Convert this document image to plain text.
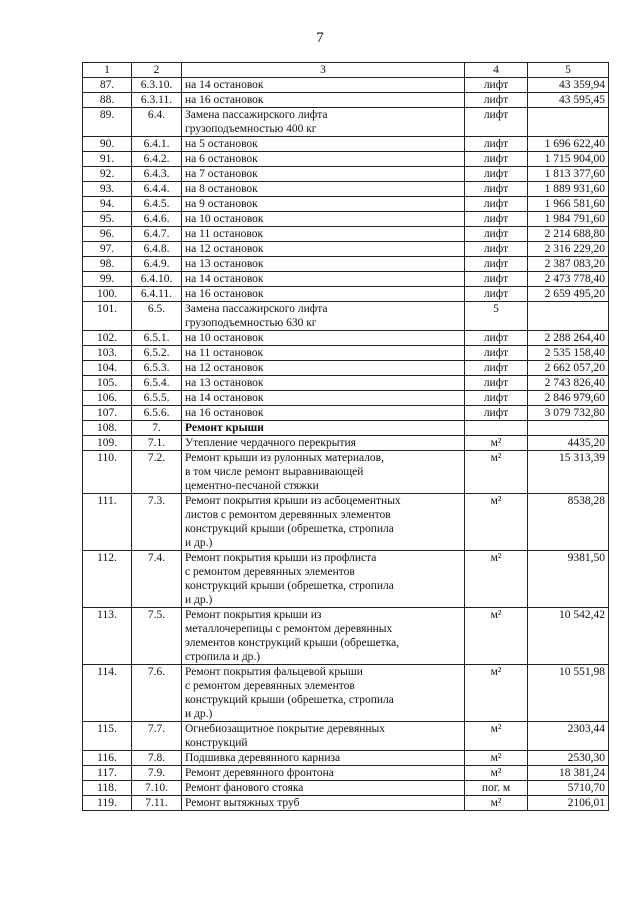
7
1	2	3	4	5
87.	6.3.10.	на 14 остановок	лифт	43 359,94
88.	6.3.11.	на 16 остановок	лифт	43 595,45
89.	6.4.	Замена пассажирского лифта
грузоподъемностью 400 кг	лифт	
90.	6.4.1.	на 5 остановок	лифт	1 696 622,40
91.	6.4.2.	на 6 остановок	лифт	1 715 904,00
92.	6.4.3.	на 7 остановок	лифт	1 813 377,60
93.	6.4.4.	на 8 остановок	лифт	1 889 931,60
94.	6.4.5.	на 9 остановок	лифт	1 966 581,60
95.	6.4.6.	на 10 остановок	лифт	1 984 791,60
96.	6.4.7.	на 11 остановок	лифт	2 214 688,80
97.	6.4.8.	на 12 остановок	лифт	2 316 229,20
98.	6.4.9.	на 13 остановок	лифт	2 387 083,20
99.	6.4.10.	на 14 остановок	лифт	2 473 778,40
100.	6.4.11.	на 16 остановок	лифт	2 659 495,20
101.	6.5.	Замена пассажирского лифта
грузоподъемностью 630 кг	5	
102.	6.5.1.	на 10 остановок	лифт	2 288 264,40
103.	6.5.2.	на 11 остановок	лифт	2 535 158,40
104.	6.5.3.	на 12 остановок	лифт	2 662 057,20
105.	6.5.4.	на 13 остановок	лифт	2 743 826,40
106.	6.5.5.	на 14 остановок	лифт	2 846 979,60
107.	6.5.6.	на 16 остановок	лифт	3 079 732,80
108.	7.	Ремонт крыши		

109.	7.1.	Утепление чердачного перекрытия	м²	4435,20
110.	7.2.	Ремонт крыши из рулонных материалов,
в том числе ремонт выравнивающей
цементно-песчаной стяжки	м²	15 313,39
111.	7.3.	Ремонт покрытия крыши из асбоцементных
листов с ремонтом деревянных элементов
конструкций крыши (обрешетка, стропила
и др.)	м²	8538,28
112.	7.4.	Ремонт покрытия крыши из профлиста
с ремонтом деревянных элементов
конструкций крыши (обрешетка, стропила
и др.)	м²	9381,50
113.	7.5.	Ремонт покрытия крыши из
металлочерепицы с ремонтом деревянных
элементов конструкций крыши (обрешетка,
стропила и др.)	м²	10 542,42
114.	7.6.	Ремонт покрытия фальцевой крыши
с ремонтом деревянных элементов
конструкций крыши (обрешетка, стропила
и др.)	м²	10 551,98
115.	7.7.	Огнебиозащитное покрытие деревянных
конструкций	м²	2303,44
116.	7.8.	Подшивка деревянного карниза	м²	2530,30
117.	7.9.	Ремонт деревянного фронтона	м²	18 381,24
118.	7.10.	Ремонт фанового стояка	пог. м	5710,70
119.	7.11.	Ремонт вытяжных труб	м²	2106,01
